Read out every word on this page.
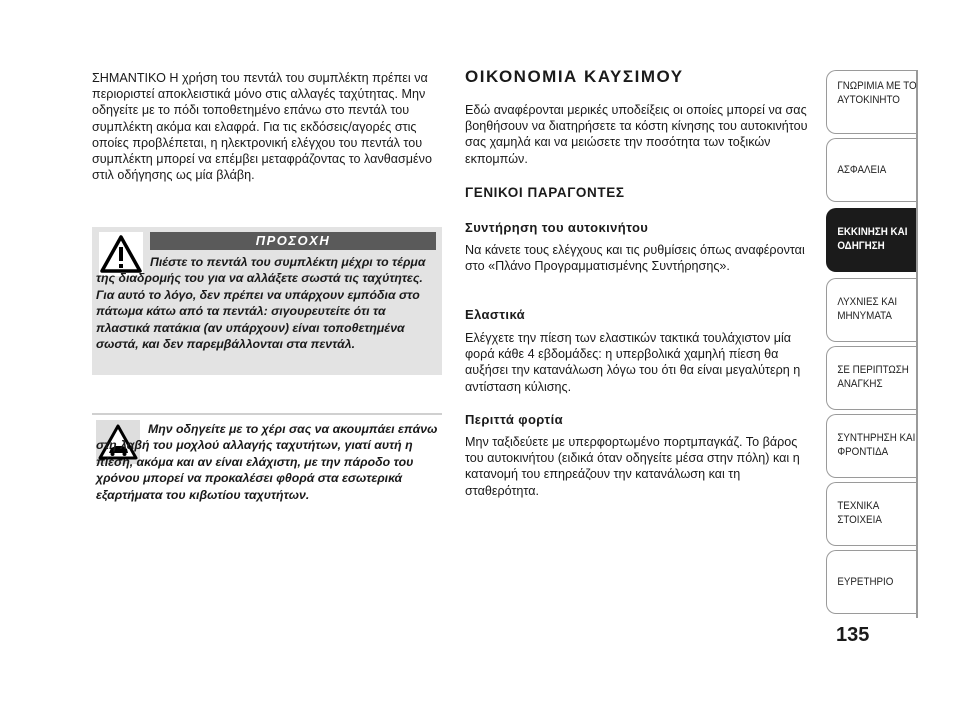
ΣΗΜΑΝΤΙΚΟ Η χρήση του πεντάλ του συμπλέκτη πρέπει να περιοριστεί αποκλειστικά μόνο στις αλλαγές ταχύτητας. Μην οδηγείτε με το πόδι τοποθετημένο επάνω στο πεντάλ του συμπλέκτη ακόμα και ελαφρά. Για τις εκδόσεις/αγορές στις οποίες προβλέπεται, η ηλεκτρονική ελέγχου του πεντάλ του συμπλέκτη μπορεί να επέμβει μεταφράζοντας το λανθασμένο στιλ οδήγησης ως μία βλάβη.

ΠΡΟΣΟΧΗ

Πιέστε το πεντάλ του συμπλέκτη μέχρι το τέρμα της διαδρομής του για να αλλάξετε σωστά τις ταχύτητες. Για αυτό το λόγο, δεν πρέπει να υπάρχουν εμπόδια στο πάτωμα κάτω από τα πεντάλ: σιγουρευτείτε ότι τα πλαστικά πατάκια (αν υπάρχουν) είναι τοποθετημένα σωστά, και δεν παρεμβάλλονται στα πεντάλ.

Μην οδηγείτε με το χέρι σας να ακουμπάει επάνω στη λαβή του μοχλού αλλαγής ταχυτήτων, γιατί αυτή η πίεση, ακόμα και αν είναι ελάχιστη, με την πάροδο του χρόνου μπορεί να προκαλέσει φθορά στα εσωτερικά εξαρτήματα του κιβωτίου ταχυτήτων.

ΟΙΚΟΝΟΜΙΑ ΚΑΥΣΙΜΟΥ

Εδώ αναφέρονται μερικές υποδείξεις οι οποίες μπορεί να σας βοηθήσουν να διατηρήσετε τα κόστη κίνησης του αυτοκινήτου σας χαμηλά και να μειώσετε την ποσότητα των τοξικών εκπομπών.

ΓΕΝΙΚΟΙ ΠΑΡΑΓΟΝΤΕΣ
Συντήρηση του αυτοκινήτου

Να κάνετε τους ελέγχους και τις ρυθμίσεις όπως αναφέρονται στο «Πλάνο Προγραμματισμένης Συντήρησης».

Ελαστικά

Ελέγχετε την πίεση των ελαστικών τακτικά τουλάχιστον μία φορά κάθε 4 εβδομάδες: η υπερβολικά χαμηλή πίεση θα αυξήσει την κατανάλωση λόγω του ότι θα είναι μεγαλύτερη η αντίσταση κύλισης.

Περιττά φορτία

Μην ταξιδεύετε με υπερφορτωμένο πορτμπαγκάζ. Το βάρος του αυτοκινήτου (ειδικά όταν οδηγείτε μέσα στην πόλη) και η κατανομή του επηρεάζουν την κατανάλωση και τη σταθερότητα.

ΓΝΩΡΙΜΙΑ ΜΕ ΤΟ ΑΥΤΟΚΙΝΗΤΟ
ΑΣΦΑΛΕΙΑ
ΕΚΚΙΝΗΣΗ ΚΑΙ ΟΔΗΓΗΣΗ
ΛΥΧΝΙΕΣ ΚΑΙ ΜΗΝΥΜΑΤΑ
ΣΕ ΠΕΡΙΠΤΩΣΗ ΑΝΑΓΚΗΣ
ΣΥΝΤΗΡΗΣΗ ΚΑΙ ΦΡΟΝΤΙΔΑ
ΤΕΧΝΙΚΑ ΣΤΟΙΧΕΙΑ
ΕΥΡΕΤΗΡΙΟ

135
